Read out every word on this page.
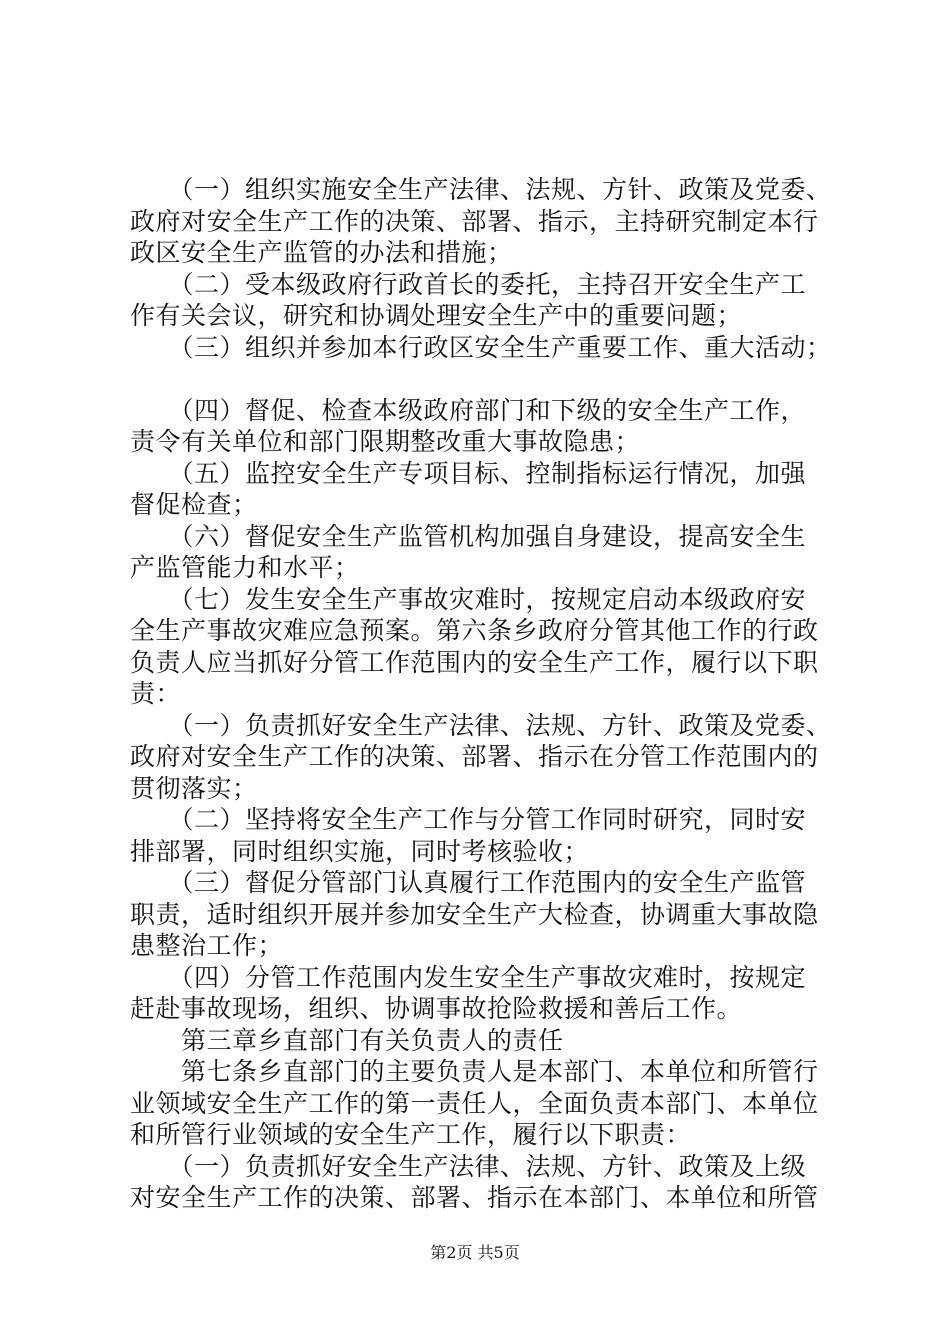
　　（一）组织实施安全生产法律、法规、方针、政策及党委、
政府对安全生产工作的决策、部署、指示，主持研究制定本行
政区安全生产监管的办法和措施；
　　（二）受本级政府行政首长的委托，主持召开安全生产工
作有关会议，研究和协调处理安全生产中的重要问题；
　　（三）组织并参加本行政区安全生产重要工作、重大活动；
　　（四）督促、检查本级政府部门和下级的安全生产工作，
责令有关单位和部门限期整改重大事故隐患；
　　（五）监控安全生产专项目标、控制指标运行情况，加强
督促检查；
　　（六）督促安全生产监管机构加强自身建设，提高安全生
产监管能力和水平；
　　（七）发生安全生产事故灾难时，按规定启动本级政府安
全生产事故灾难应急预案。第六条乡政府分管其他工作的行政
负责人应当抓好分管工作范围内的安全生产工作，履行以下职
责：
　　（一）负责抓好安全生产法律、法规、方针、政策及党委、
政府对安全生产工作的决策、部署、指示在分管工作范围内的
贯彻落实；
　　（二）坚持将安全生产工作与分管工作同时研究，同时安
排部署，同时组织实施，同时考核验收；
　　（三）督促分管部门认真履行工作范围内的安全生产监管
职责，适时组织开展并参加安全生产大检查，协调重大事故隐
患整治工作；
　　（四）分管工作范围内发生安全生产事故灾难时，按规定
赶赴事故现场，组织、协调事故抢险救援和善后工作。
　　第三章乡直部门有关负责人的责任
　　第七条乡直部门的主要负责人是本部门、本单位和所管行
业领域安全生产工作的第一责任人，全面负责本部门、本单位
和所管行业领域的安全生产工作，履行以下职责：
　　（一）负责抓好安全生产法律、法规、方针、政策及上级
对安全生产工作的决策、部署、指示在本部门、本单位和所管
第2页 共5页
